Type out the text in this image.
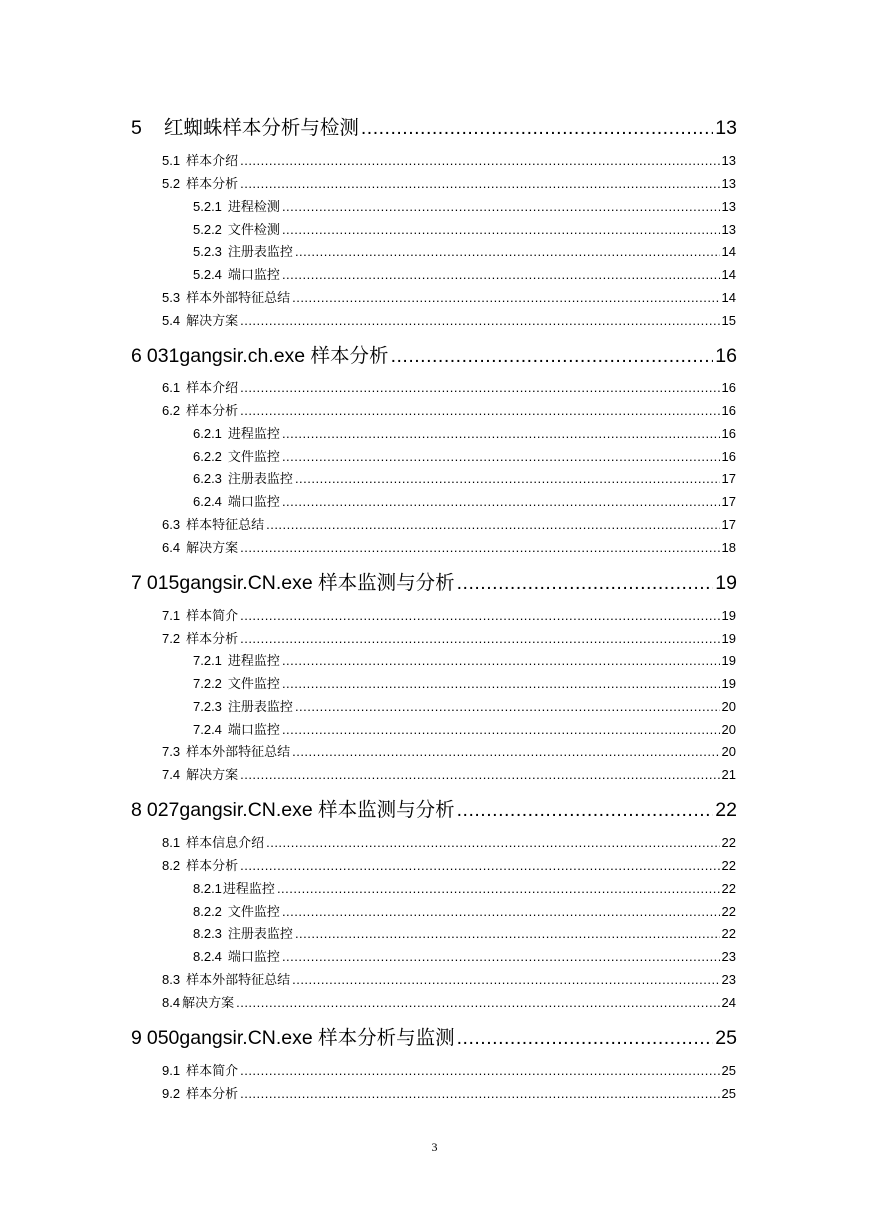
5 红蜘蛛样本分析与检测 .....	13
5.1 样本介绍 .....	13
5.2 样本分析 .....	13
5.2.1 进程检测 .....	13
5.2.2 文件检测 .....	13
5.2.3 注册表监控 .....	14
5.2.4 端口监控 .....	14
5.3 样本外部特征总结 .....	14
5.4 解决方案 .....	15
6 031gangsir.ch.exe 样本分析 .....	16
6.1 样本介绍 .....	16
6.2 样本分析 .....	16
6.2.1 进程监控 .....	16
6.2.2 文件监控 .....	16
6.2.3 注册表监控 .....	17
6.2.4 端口监控 .....	17
6.3 样本特征总结 .....	17
6.4 解决方案 .....	18
7 015gangsir.CN.exe 样本监测与分析 .....	19
7.1 样本简介 .....	19
7.2 样本分析 .....	19
7.2.1 进程监控 .....	19
7.2.2 文件监控 .....	19
7.2.3 注册表监控 .....	20
7.2.4 端口监控 .....	20
7.3 样本外部特征总结 .....	20
7.4 解决方案 .....	21
8 027gangsir.CN.exe 样本监测与分析 .....	22
8.1 样本信息介绍 .....	22
8.2 样本分析 .....	22
8.2.1 进程监控 .....	22
8.2.2 文件监控 .....	22
8.2.3 注册表监控 .....	22
8.2.4 端口监控 .....	23
8.3 样本外部特征总结 .....	23
8.4 解决方案 .....	24
9 050gangsir.CN.exe 样本分析与监测 .....	25
9.1 样本简介 .....	25
9.2 样本分析 .....	25
3
